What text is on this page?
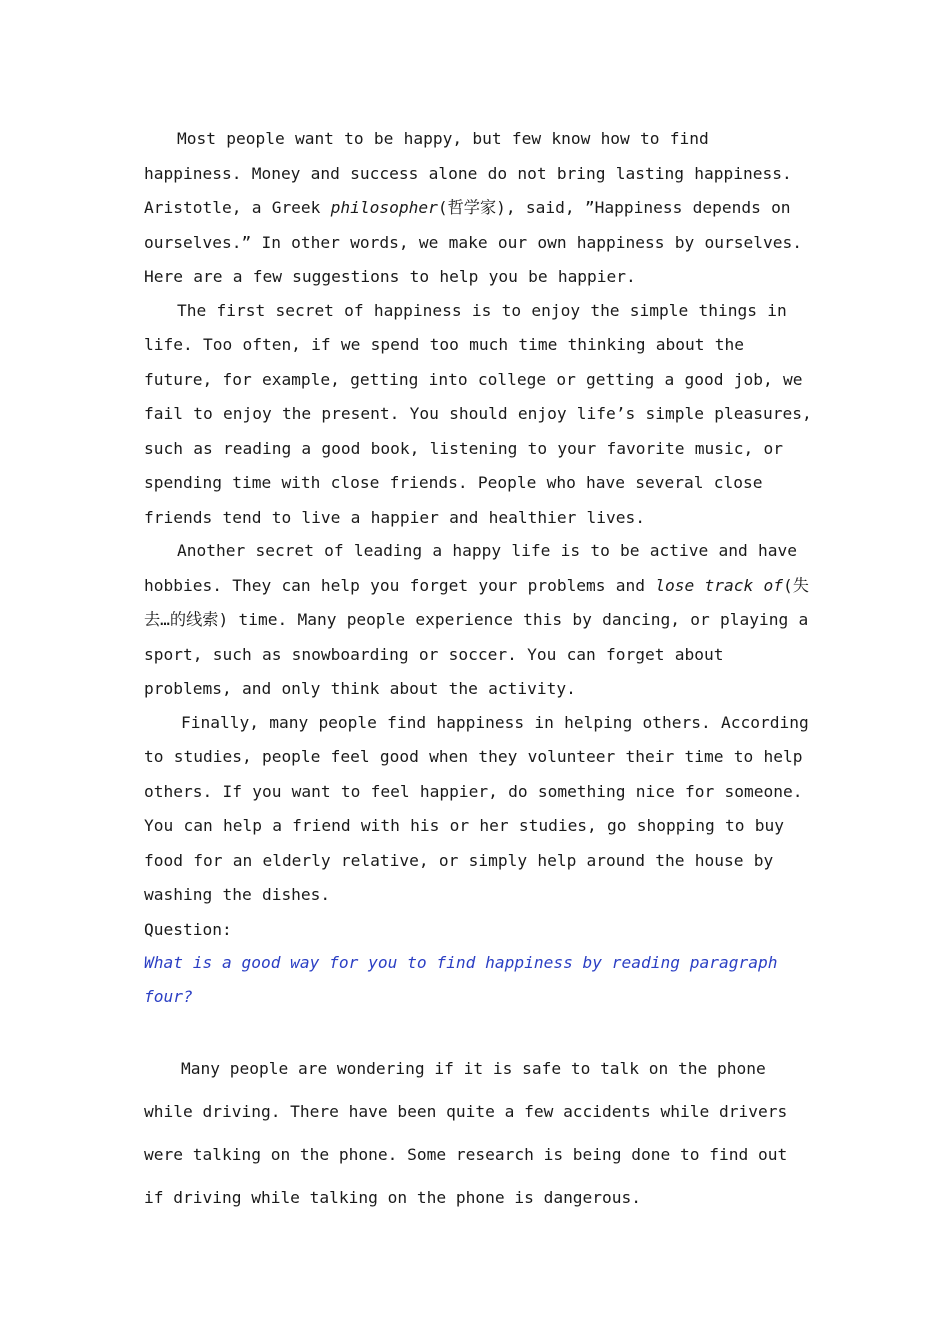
Most people want to be happy, but few know how to find happiness. Money and success alone do not bring lasting happiness. Aristotle, a Greek philosopher(哲学家), said, ”Happiness depends on ourselves.” In other words, we make our own happiness by ourselves. Here are a few suggestions to help you be happier.

The first secret of happiness is to enjoy the simple things in life. Too often, if we spend too much time thinking about the future, for example, getting into college or getting a good job, we fail to enjoy the present. You should enjoy life’s simple pleasures, such as reading a good book, listening to your favorite music, or spending time with close friends. People who have several close friends tend to live a happier and healthier lives.

Another secret of leading a happy life is to be active and have hobbies. They can help you forget your problems and lose track of(失去…的线索) time. Many people experience this by dancing, or playing a sport, such as snowboarding or soccer. You can forget about problems, and only think about the activity.

Finally, many people find happiness in helping others. According to studies, people feel good when they volunteer their time to help others. If you want to feel happier, do something nice for someone. You can help a friend with his or her studies, go shopping to buy food for an elderly relative, or simply help around the house by washing the dishes.

Question:

What is a good way for you to find happiness by reading paragraph four?

Many people are wondering if it is safe to talk on the phone while driving. There have been quite a few accidents while drivers were talking on the phone. Some research is being done to find out if driving while talking on the phone is dangerous.
